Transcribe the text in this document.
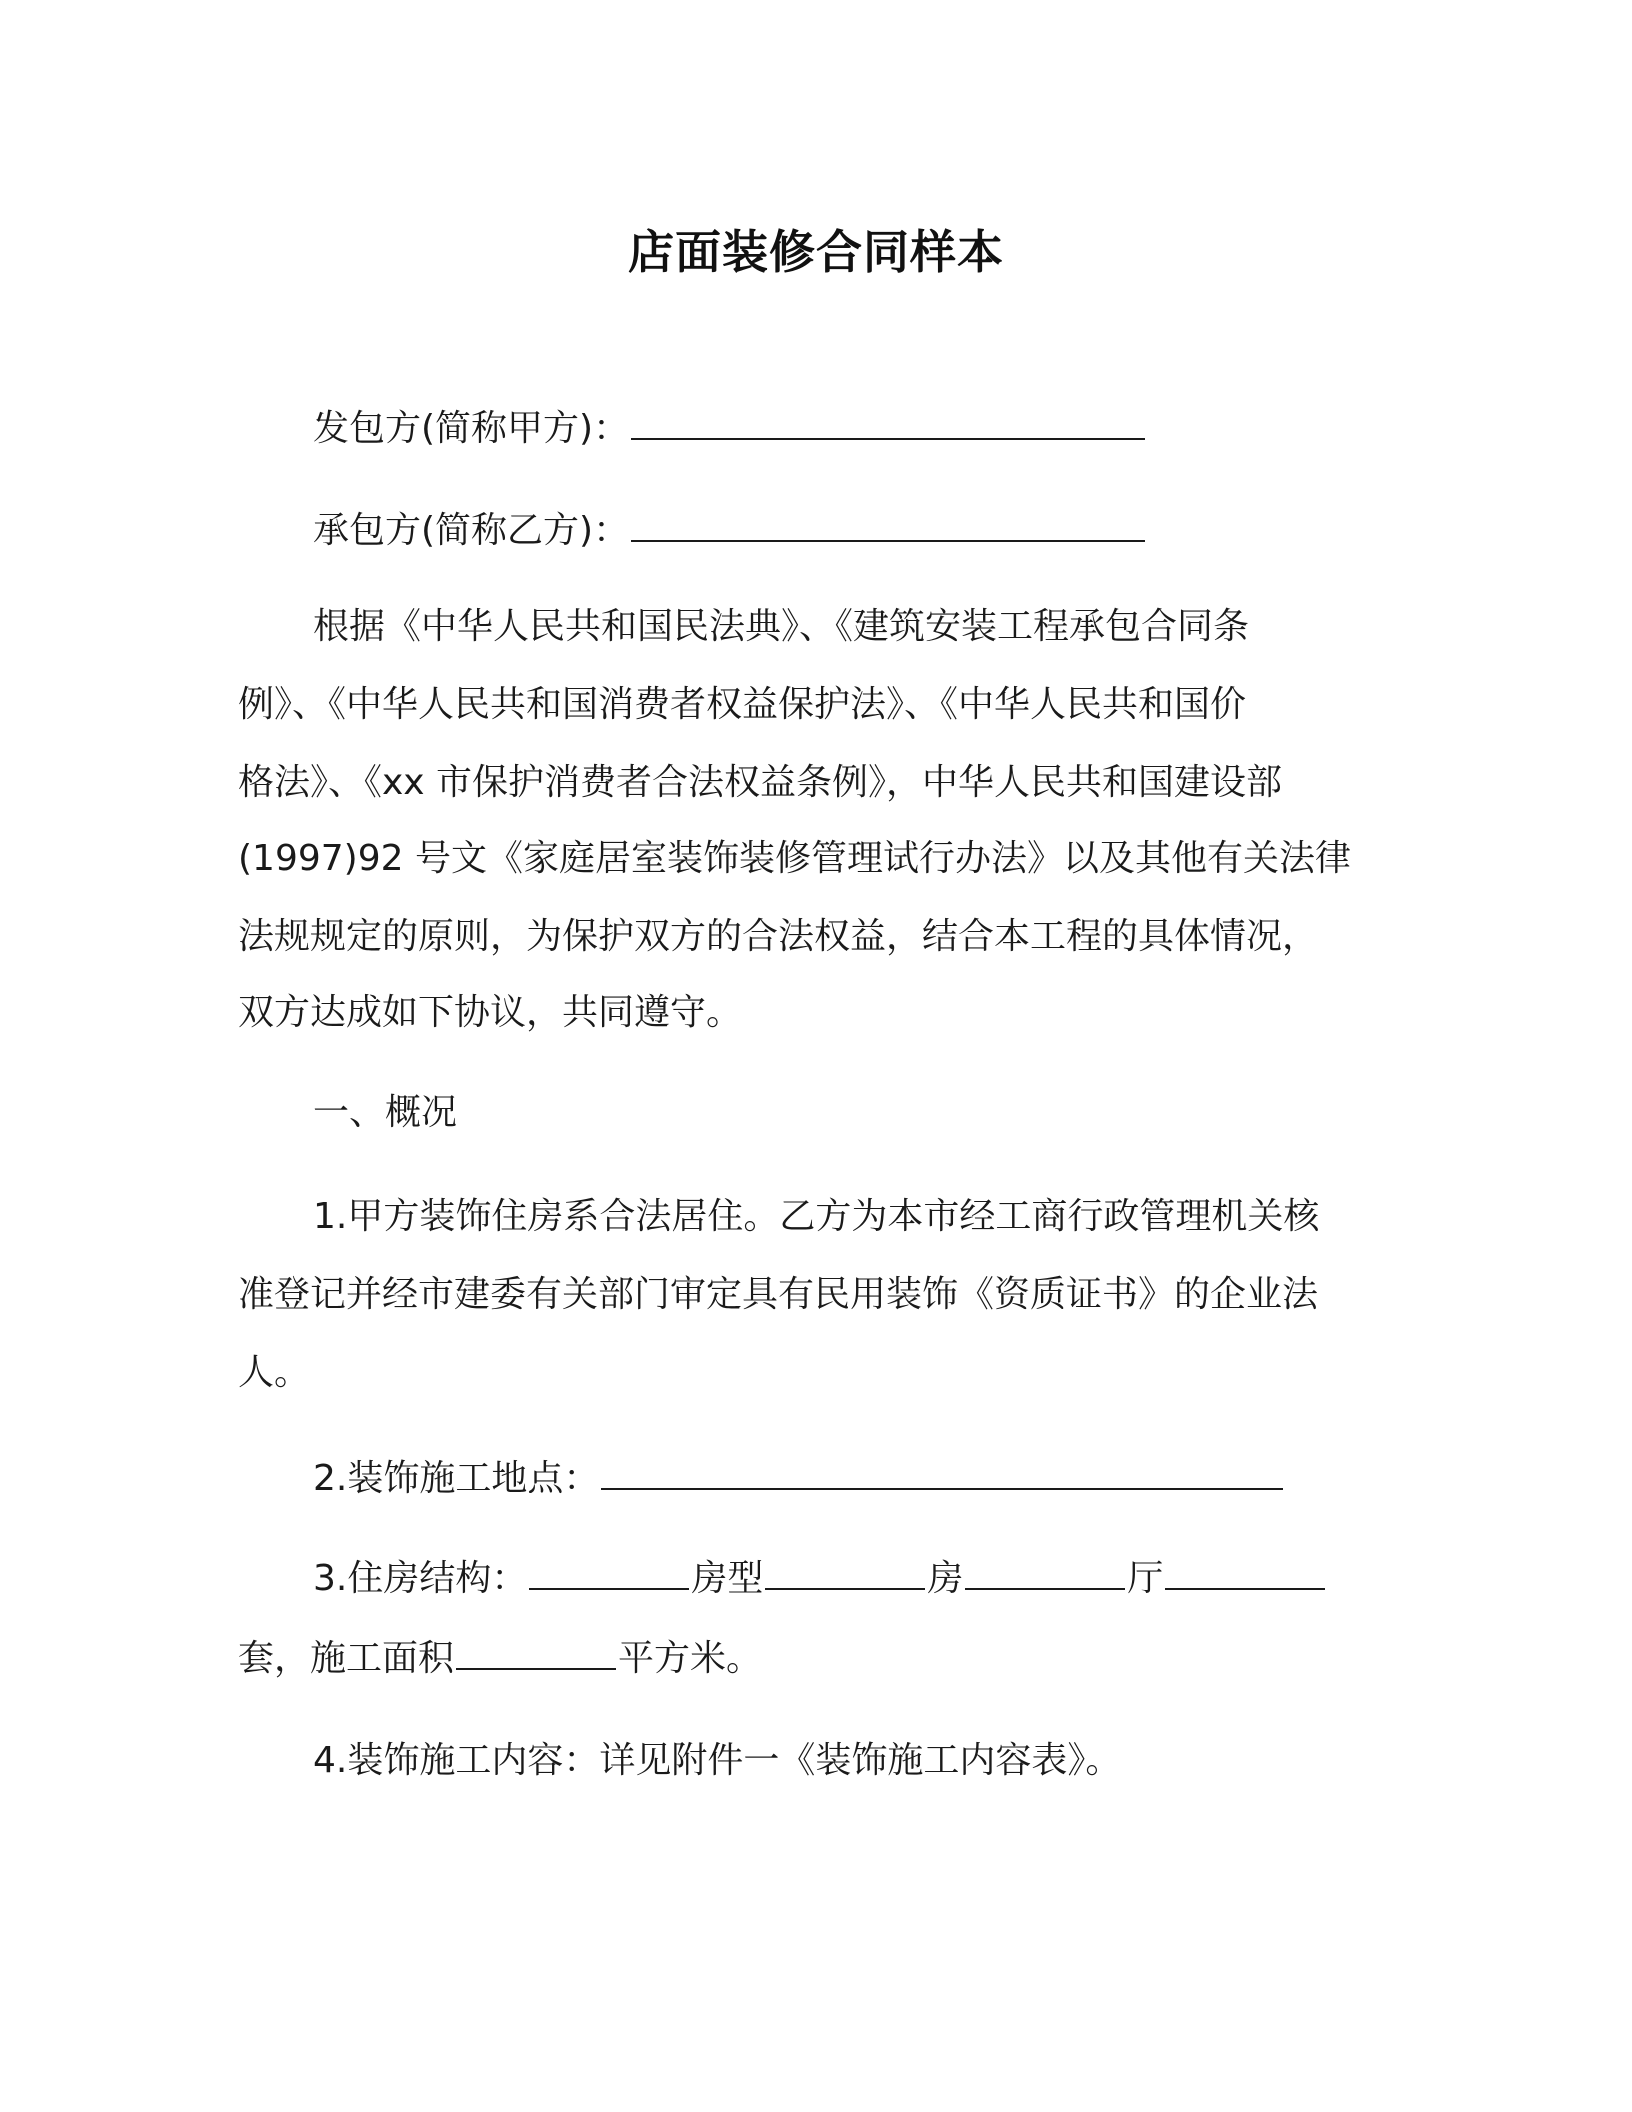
店面装修合同样本
发包方(简称甲方)：
承包方(简称乙方)：
根据《中华人民共和国民法典》、《建筑安装工程承包合同条
例》、《中华人民共和国消费者权益保护法》、《中华人民共和国价
格法》、《xx 市保护消费者合法权益条例》，中华人民共和国建设部
(1997)92 号文《家庭居室装饰装修管理试行办法》以及其他有关法律
法规规定的原则，为保护双方的合法权益，结合本工程的具体情况，
双方达成如下协议，共同遵守。
一、概况
1.甲方装饰住房系合法居住。乙方为本市经工商行政管理机关核
准登记并经市建委有关部门审定具有民用装饰《资质证书》的企业法
人。
2.装饰施工地点：
3.住房结构：	房型	房	厅
套，施工面积	平方米。
4.装饰施工内容：详见附件一《装饰施工内容表》。
